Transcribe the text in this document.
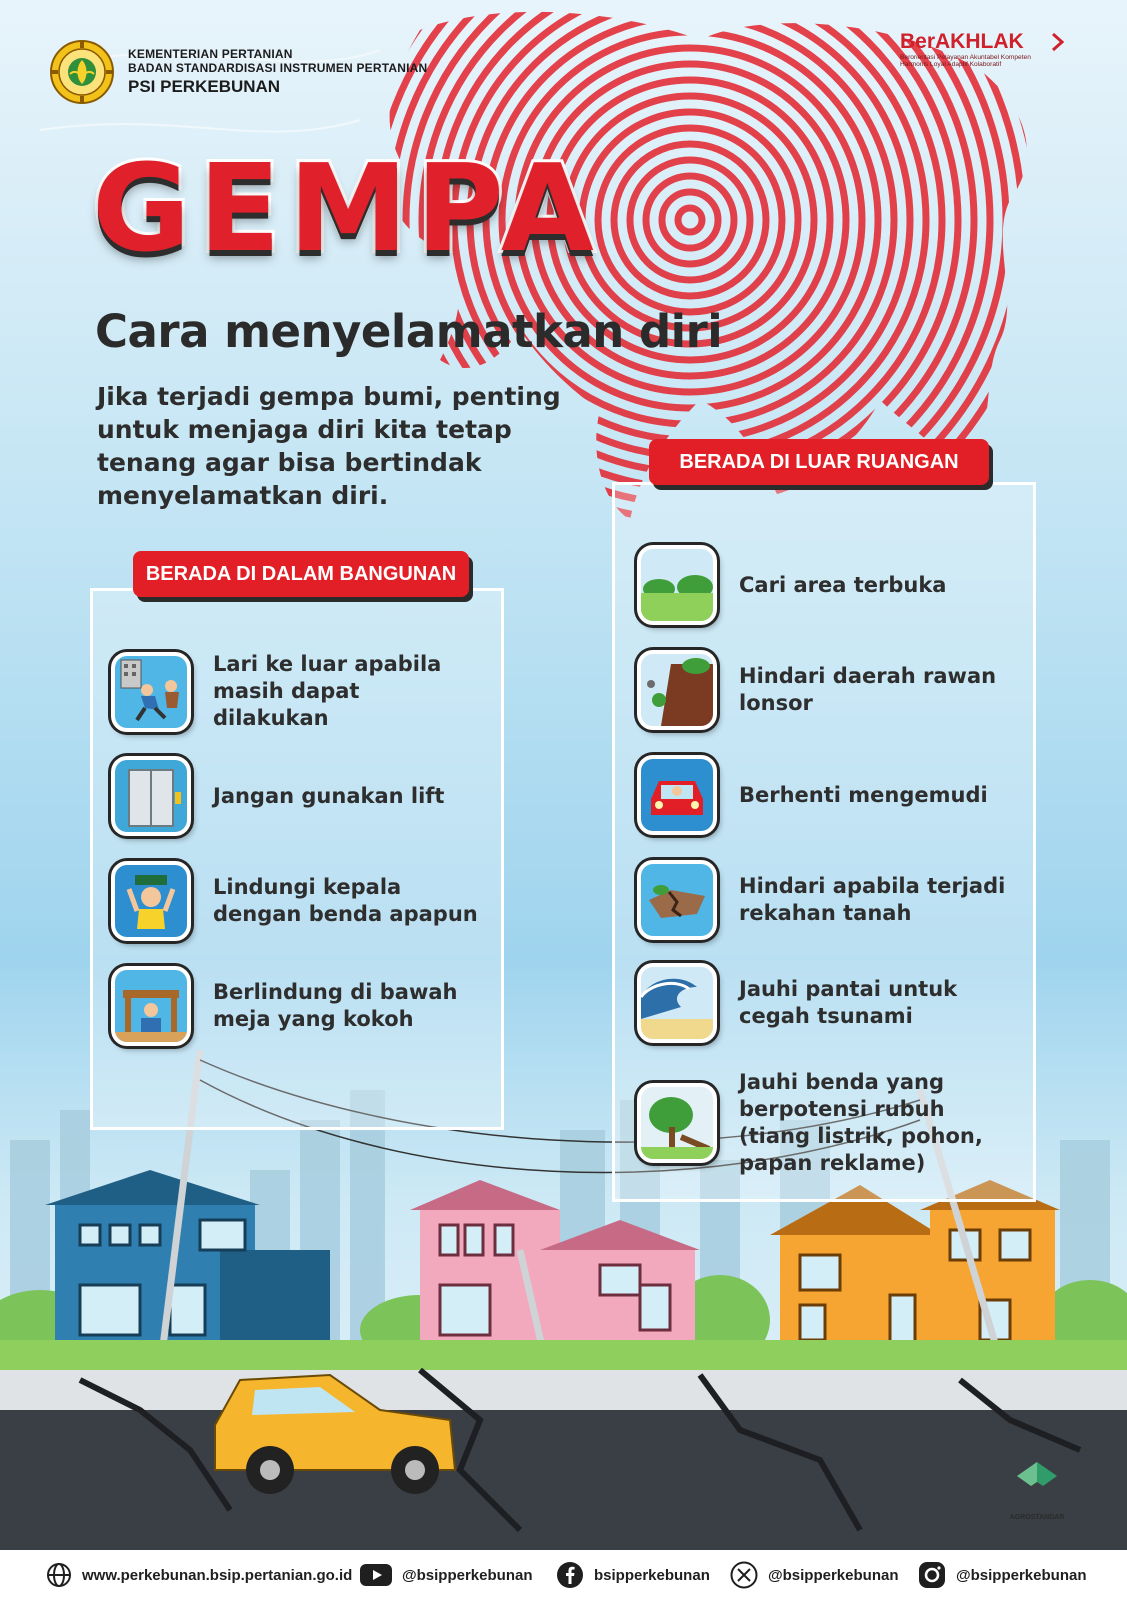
KEMENTERIAN PERTANIAN
BADAN STANDARDISASI INSTRUMEN PERTANIAN
PSI PERKEBUNAN
BerAKHLAK
Berorientasi Pelayanan Akuntabel Kompeten
Harmonis Loyal Adaptif Kolaboratif
GEMPA
Cara menyelamatkan diri
Jika terjadi gempa bumi, penting untuk menjaga diri kita tetap tenang agar bisa bertindak menyelamatkan diri.
BERADA DI DALAM BANGUNAN
Lari ke luar apabila masih dapat dilakukan
Jangan gunakan lift
Lindungi kepala dengan benda apapun
Berlindung di bawah meja yang kokoh
BERADA DI LUAR RUANGAN
Cari area terbuka
Hindari daerah rawan lonsor
Berhenti mengemudi
Hindari apabila terjadi rekahan tanah
Jauhi pantai untuk cegah tsunami
Jauhi benda yang berpotensi rubuh (tiang listrik, pohon, papan reklame)
AGROSTANDAR
www.perkebunan.bsip.pertanian.go.id	@bsipperkebunan	bsipperkebunan	@bsipperkebunan	@bsipperkebunan
